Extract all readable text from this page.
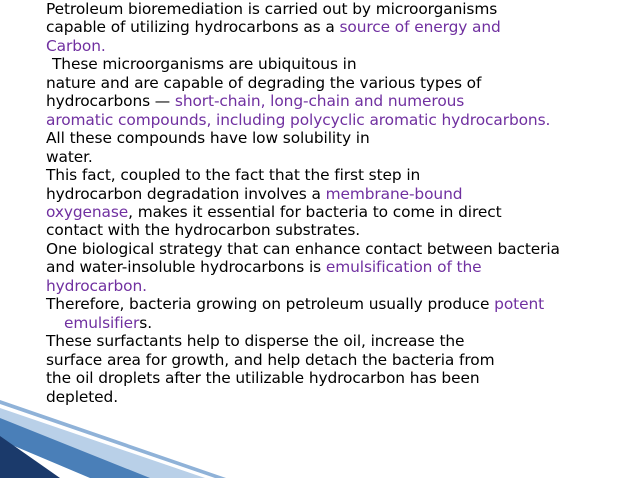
Petroleum bioremediation is carried out by microorganisms
capable of utilizing hydrocarbons as a source of energy and
Carbon.
These microorganisms are ubiquitous in
nature and are capable of degrading the various types of
hydrocarbons — short-chain, long-chain and numerous
aromatic compounds, including polycyclic aromatic hydrocarbons.
All these compounds have low solubility in
water.
This fact, coupled to the fact that the first step in
hydrocarbon degradation involves a membrane-bound
oxygenase, makes it essential for bacteria to come in direct
contact with the hydrocarbon substrates.
One biological strategy that can enhance contact between bacteria
and water-insoluble hydrocarbons is emulsification of the
hydrocarbon.
Therefore, bacteria growing on petroleum usually produce potent
emulsifiers.
These surfactants help to disperse the oil, increase the
surface area for growth, and help detach the bacteria from
the oil droplets after the utilizable hydrocarbon has been
depleted.
